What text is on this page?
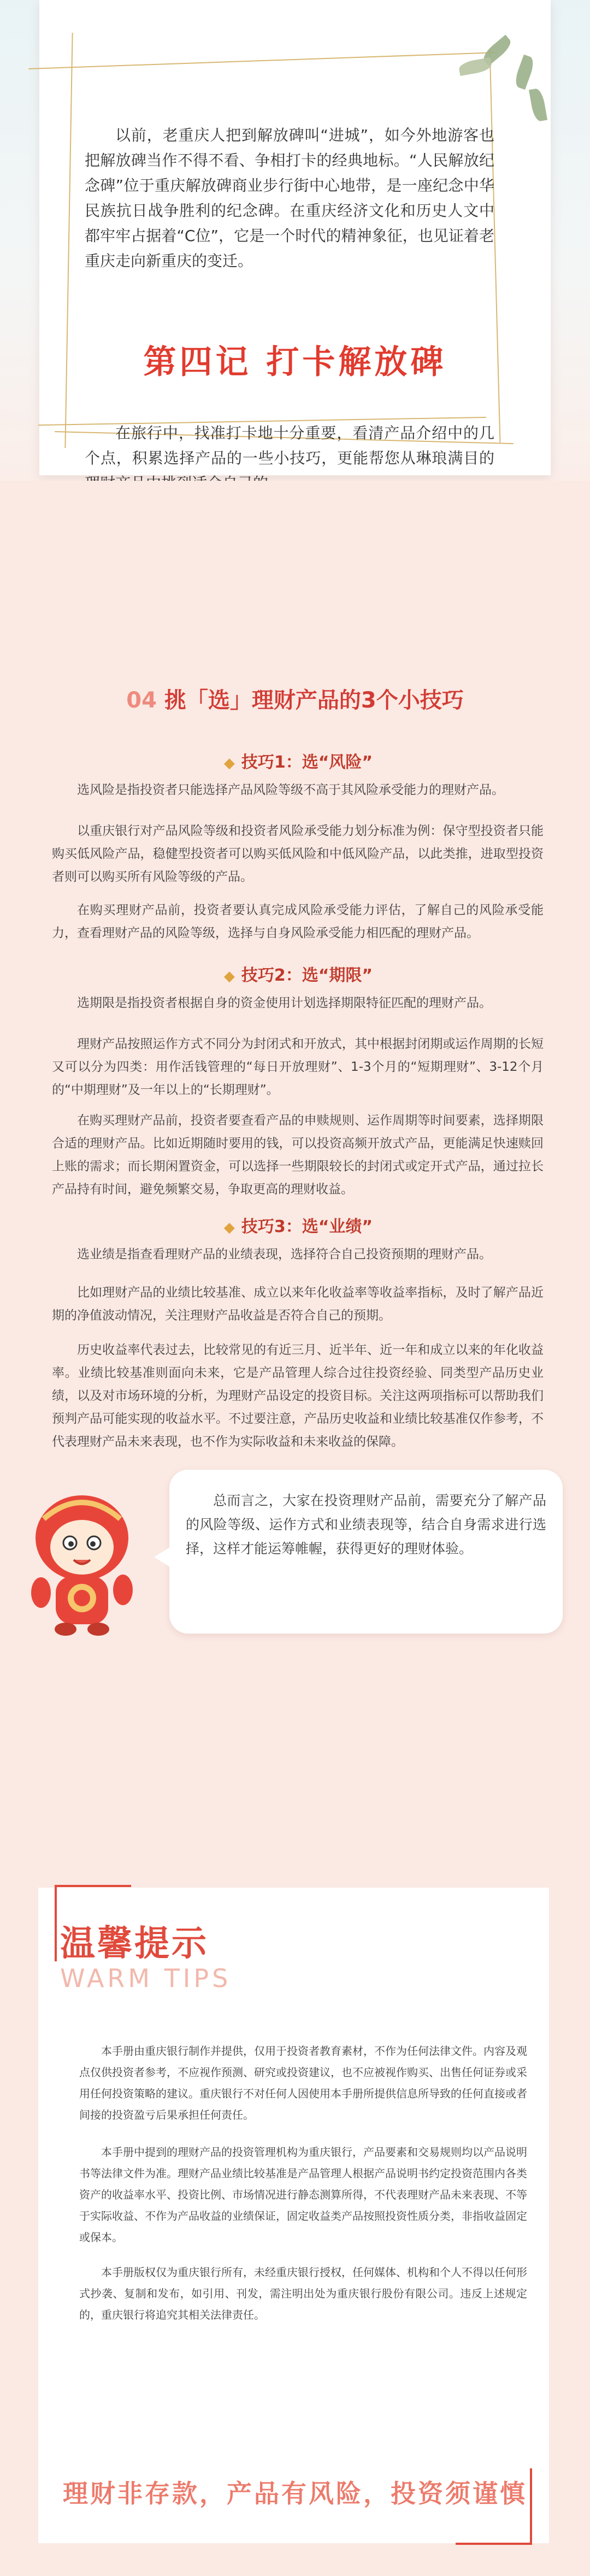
以前，老重庆人把到解放碑叫“进城”，如今外地游客也把解放碑当作不得不看、争相打卡的经典地标。“人民解放纪念碑”位于重庆解放碑商业步行街中心地带，是一座纪念中华民族抗日战争胜利的纪念碑。在重庆经济文化和历史人文中都牢牢占据着“C位”，它是一个时代的精神象征，也见证着老重庆走向新重庆的变迁。

第四记 打卡解放碑

在旅行中，找准打卡地十分重要，看清产品介绍中的几个点，积累选择产品的一些小技巧，更能帮您从琳琅满目的

04 挑「选」理财产品的3个小技巧
◆ 技巧1：选“风险”

选风险是指投资者只能选择产品风险等级不高于其风险承受能力的理财产品。

以重庆银行对产品风险等级和投资者风险承受能力划分标准为例：保守型投资者只能购买低风险产品，稳健型投资者可以购买低风险和中低风险产品，以此类推，进取型投资者则可以购买所有风险等级的产品。

在购买理财产品前，投资者要认真完成风险承受能力评估，了解自己的风险承受能力，查看理财产品的风险等级，选择与自身风险承受能力相匹配的理财产品。

◆ 技巧2：选“期限”

选期限是指投资者根据自身的资金使用计划选择期限特征匹配的理财产品。

理财产品按照运作方式不同分为封闭式和开放式，其中根据封闭期或运作周期的长短又可以分为四类：用作活钱管理的“每日开放理财”、1-3个月的“短期理财”、3-12个月的“中期理财”及一年以上的“长期理财”。

在购买理财产品前，投资者要查看产品的申赎规则、运作周期等时间要素，选择期限合适的理财产品。比如近期随时要用的钱，可以投资高频开放式产品，更能满足快速赎回上账的需求；而长期闲置资金，可以选择一些期限较长的封闭式或定开式产品，通过拉长产品持有时间，避免频繁交易，争取更高的理财收益。

◆ 技巧3：选“业绩”

选业绩是指查看理财产品的业绩表现，选择符合自己投资预期的理财产品。

比如理财产品的业绩比较基准、成立以来年化收益率等收益率指标，及时了解产品近期的净值波动情况，关注理财产品收益是否符合自己的预期。

历史收益率代表过去，比较常见的有近三月、近半年、近一年和成立以来的年化收益率。业绩比较基准则面向未来，它是产品管理人综合过往投资经验、同类型产品历史业绩，以及对市场环境的分析，为理财产品设定的投资目标。关注这两项指标可以帮助我们预判产品可能实现的收益水平。不过要注意，产品历史收益和业绩比较基准仅作参考，不代表理财产品未来表现，也不作为实际收益和未来收益的保障。

总而言之，大家在投资理财产品前，需要充分了解产品的风险等级、运作方式和业绩表现等，结合自身需求进行选择，这样才能运筹帷幄，获得更好的理财体验。

温馨提示
WARM TIPS

本手册由重庆银行制作并提供，仅用于投资者教育素材，不作为任何法律文件。内容及观点仅供投资者参考，不应视作预测、研究或投资建议，也不应被视作购买、出售任何证券或采用任何投资策略的建议。重庆银行不对任何人因使用本手册所提供信息所导致的任何直接或者间接的投资盈亏后果承担任何责任。

本手册中提到的理财产品的投资管理机构为重庆银行，产品要素和交易规则均以产品说明书等法律文件为准。理财产品业绩比较基准是产品管理人根据产品说明书约定投资范围内各类资产的收益率水平、投资比例、市场情况进行静态测算所得，不代表理财产品未来表现、不等于实际收益、不作为产品收益的业绩保证，固定收益类产品按照投资性质分类，非指收益固定或保本。

本手册版权仅为重庆银行所有，未经重庆银行授权，任何媒体、机构和个人不得以任何形式抄袭、复制和发布，如引用、刊发，需注明出处为重庆银行股份有限公司。违反上述规定的，重庆银行将追究其相关法律责任。

理财非存款，产品有风险，投资须谨慎
